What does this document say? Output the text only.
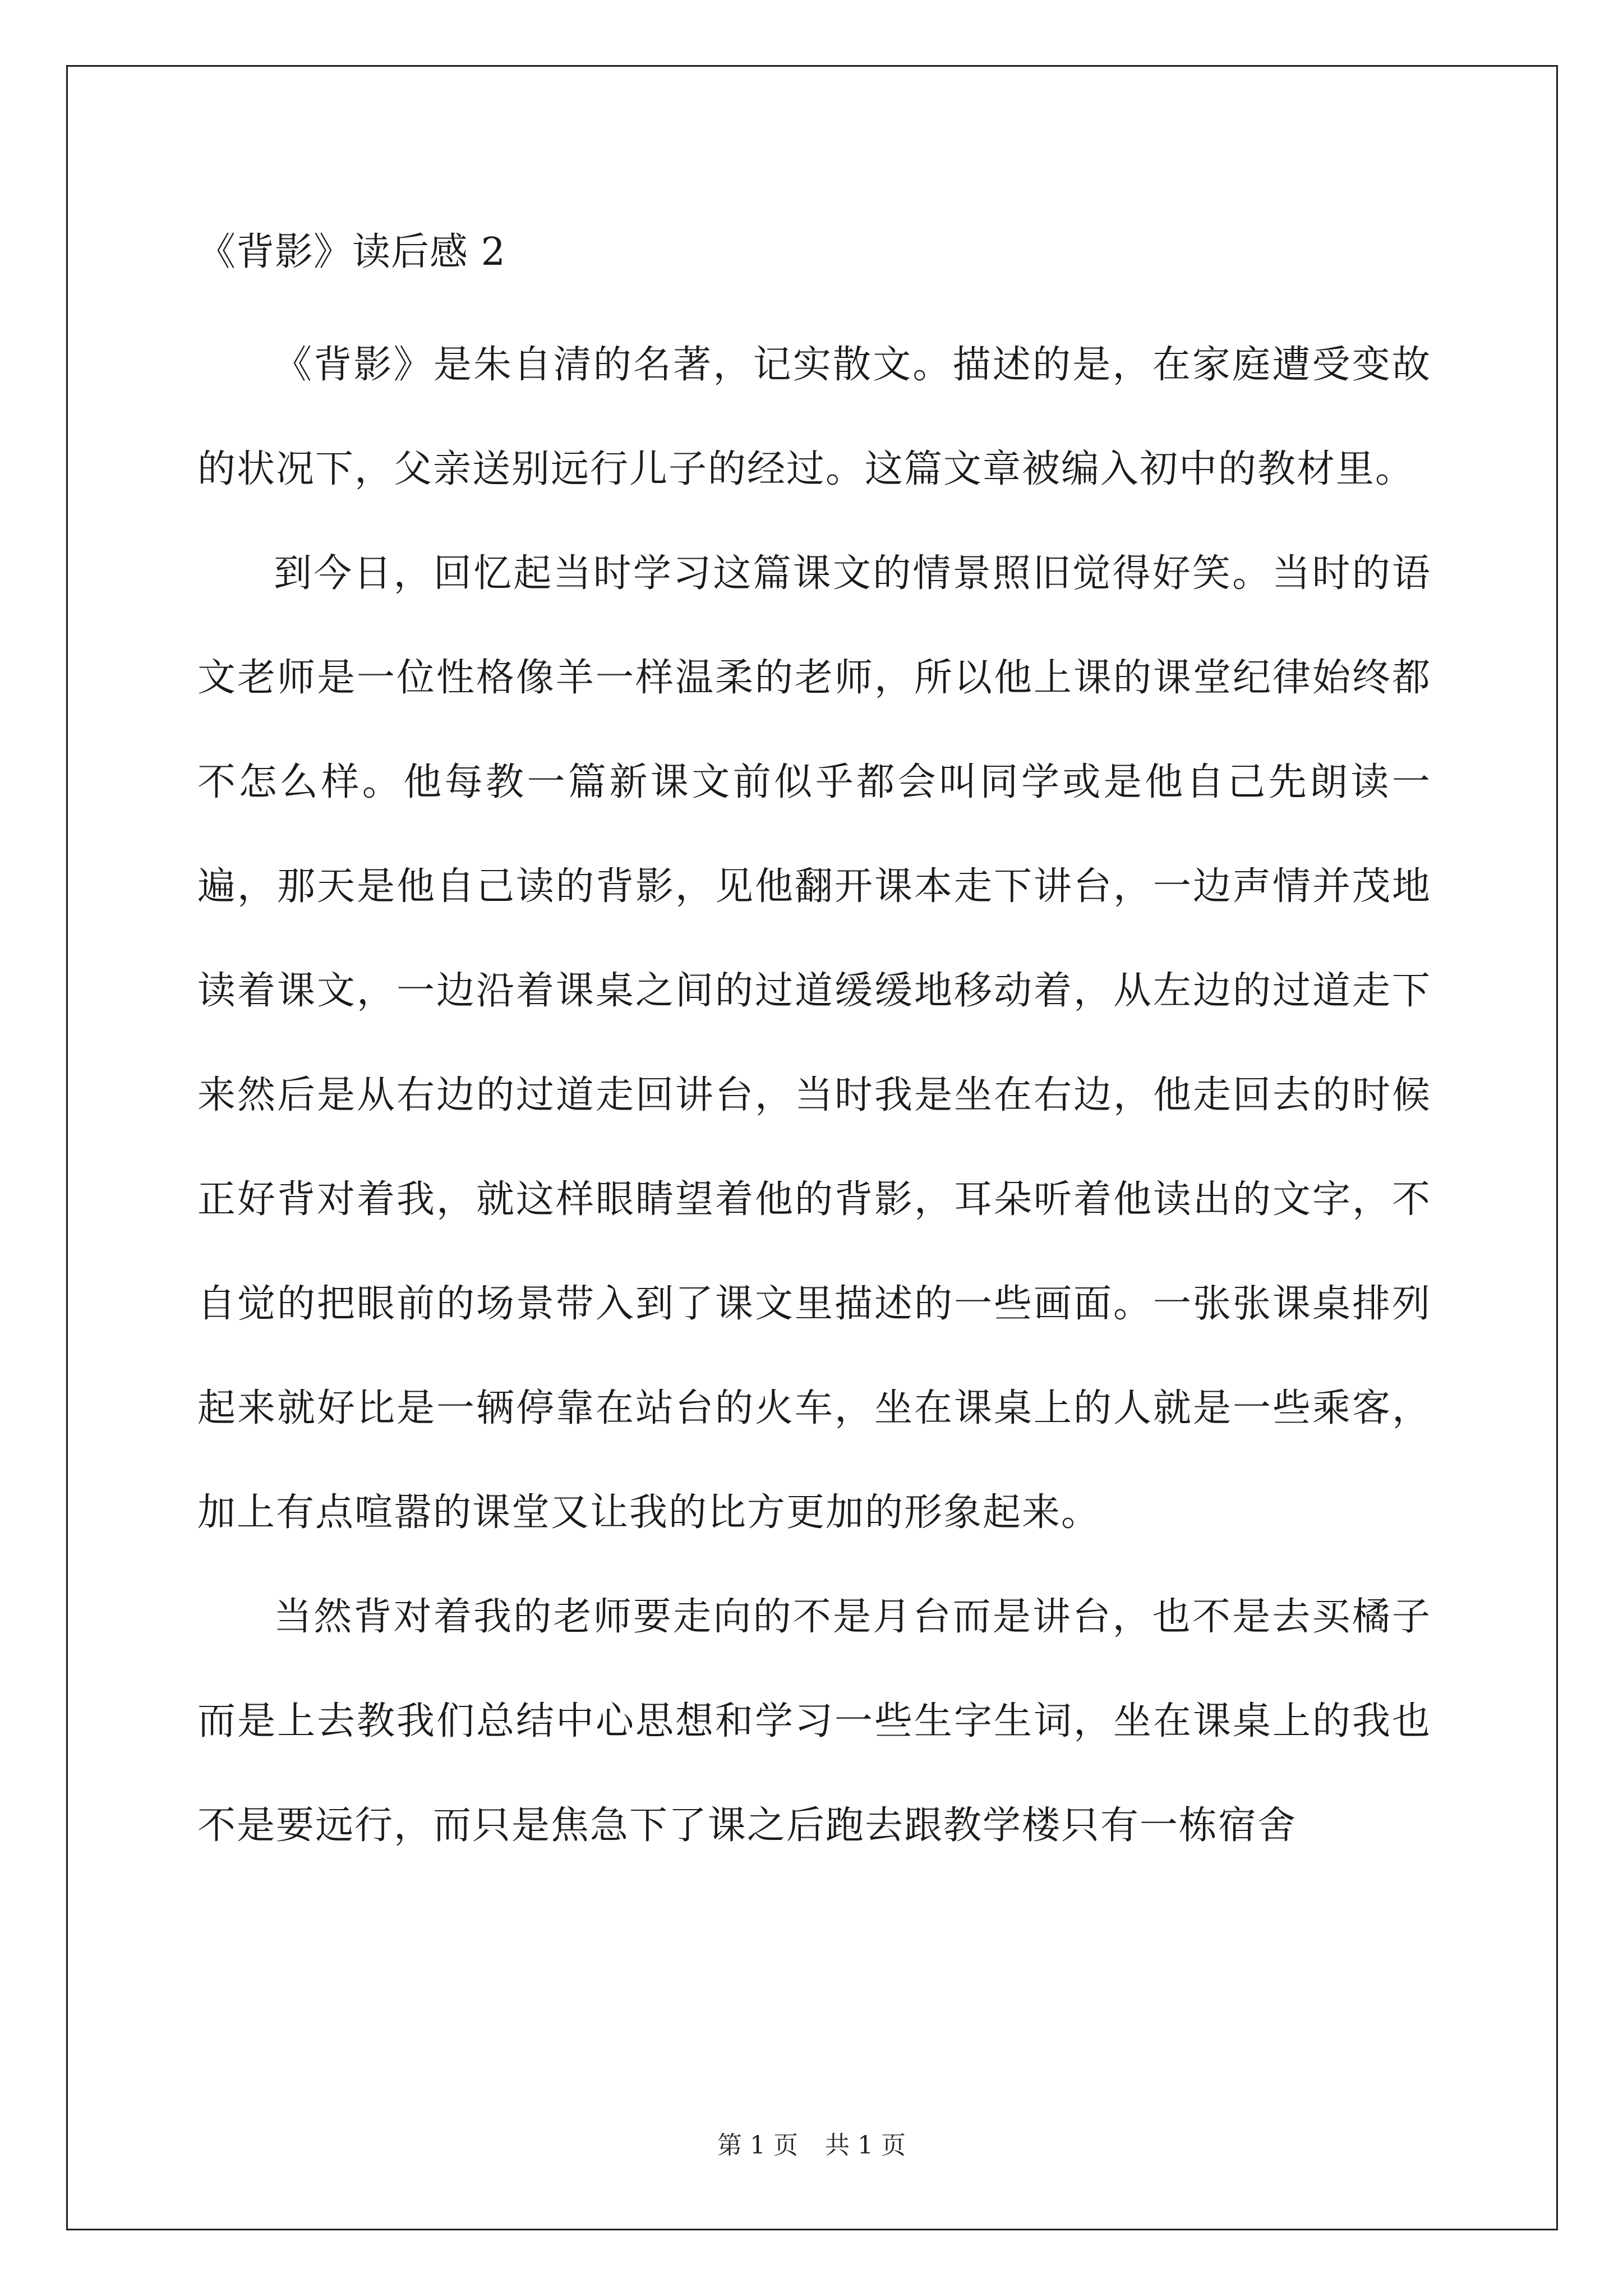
《背影》读后感 2

《背影》是朱自清的名著，记实散文。描述的是，在家庭遭受变故的状况下，父亲送别远行儿子的经过。这篇文章被编入初中的教材里。

到今日，回忆起当时学习这篇课文的情景照旧觉得好笑。当时的语文老师是一位性格像羊一样温柔的老师，所以他上课的课堂纪律始终都不怎么样。他每教一篇新课文前似乎都会叫同学或是他自己先朗读一遍，那天是他自己读的背影，见他翻开课本走下讲台，一边声情并茂地读着课文，一边沿着课桌之间的过道缓缓地移动着，从左边的过道走下来然后是从右边的过道走回讲台，当时我是坐在右边，他走回去的时候正好背对着我，就这样眼睛望着他的背影，耳朵听着他读出的文字，不自觉的把眼前的场景带入到了课文里描述的一些画面。一张张课桌排列起来就好比是一辆停靠在站台的火车，坐在课桌上的人就是一些乘客，加上有点喧嚣的课堂又让我的比方更加的形象起来。

当然背对着我的老师要走向的不是月台而是讲台，也不是去买橘子而是上去教我们总结中心思想和学习一些生字生词，坐在课桌上的我也不是要远行，而只是焦急下了课之后跑去跟教学楼只有一栋宿舍

第 1 页 共 1 页
